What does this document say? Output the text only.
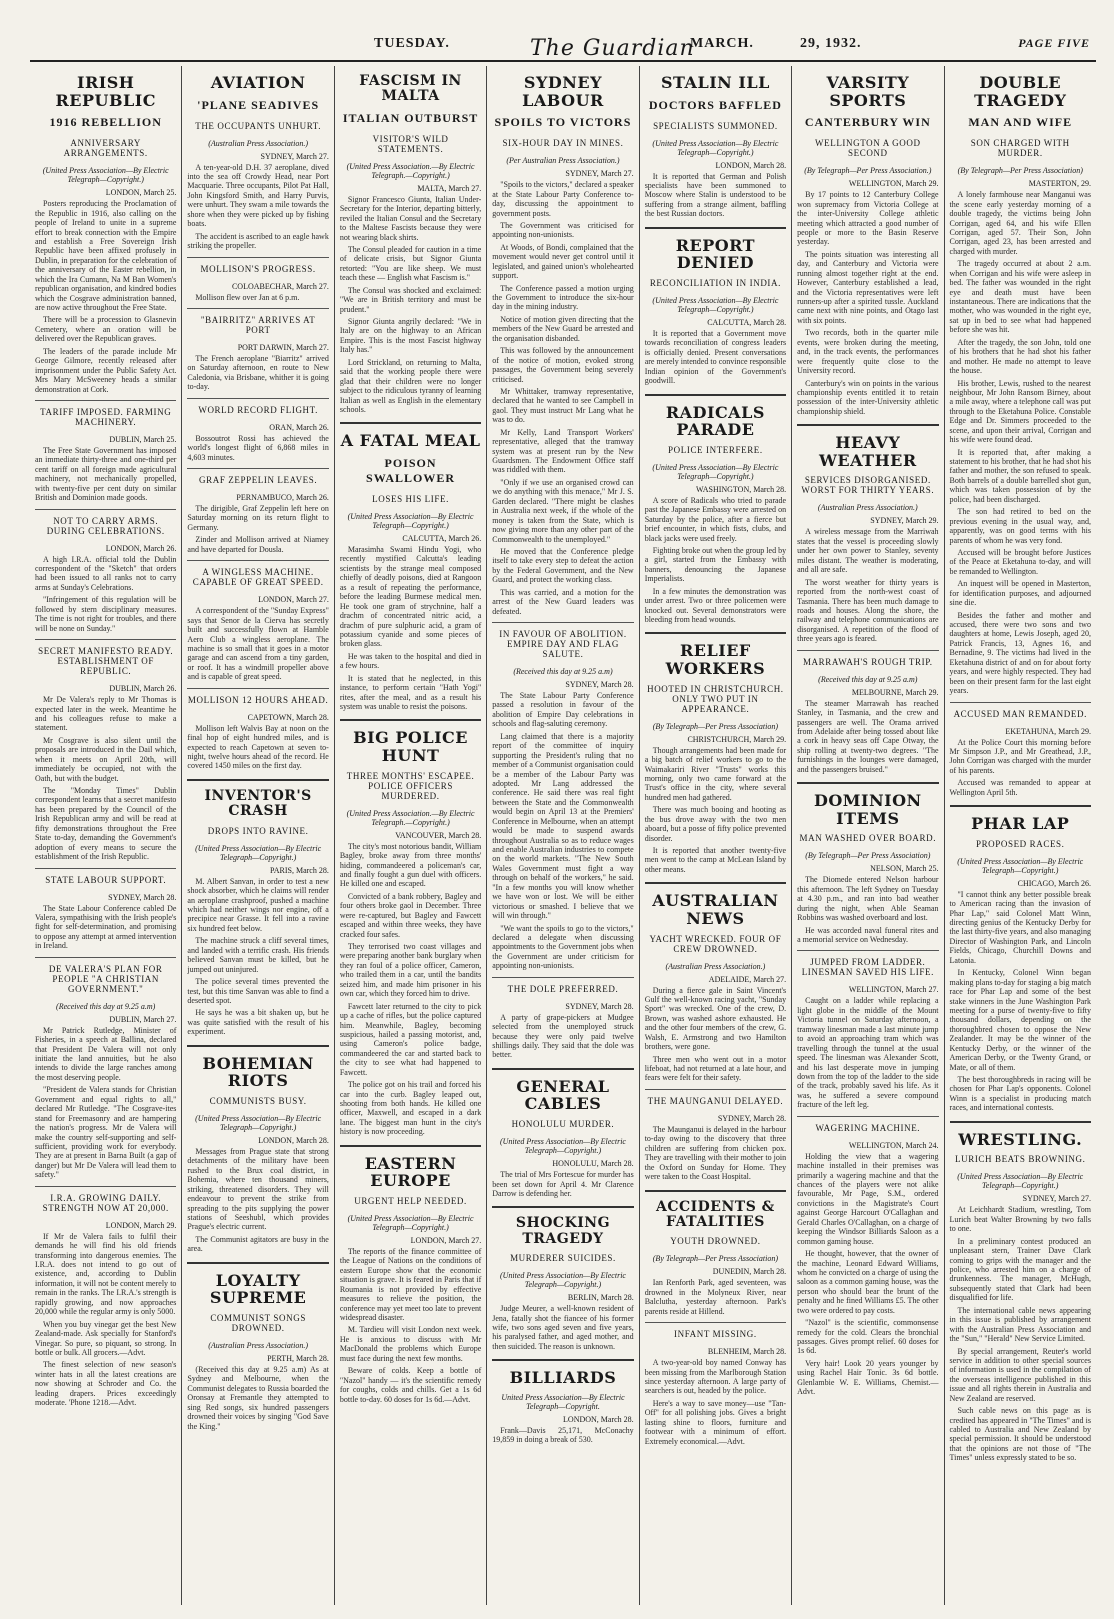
TUESDAY.	The Guardian
MARCH.	29, 1932.	PAGE FIVE
IRISH REPUBLIC
1916 REBELLION
ANNIVERSARY ARRANGEMENTS.
(United Press Association—By Electric Telegraph—Copyright.)
LONDON, March 25.

Posters reproducing the Proclamation of the Republic in 1916, also calling on the people of Ireland to unite in a supreme effort to break connection with the Empire and establish a Free Sovereign Irish Republic have been affixed profusely in Dublin, in preparation for the celebration of the anniversary of the Easter rebellion, in which the Ira Cumann, Na M Ban Women's republican organisation, and kindred bodies which the Cosgrave administration banned, are now active throughout the Free State.

There will be a procession to Glasnevin Cemetery, where an oration will be delivered over the Republican graves.

The leaders of the parade include Mr George Gilmore, recently released after imprisonment under the Public Safety Act. Mrs Mary McSweeney heads a similar demonstration at Cork.

TARIFF IMPOSED. FARMING MACHINERY.
DUBLIN, March 25.

The Free State Government has imposed an immediate thirty-three and one-third per cent tariff on all foreign made agricultural machinery, not mechanically propelled, with twenty-five per cent duty on similar British and Dominion made goods.

NOT TO CARRY ARMS. DURING CELEBRATIONS.
LONDON, March 26.

A high I.R.A. official told the Dublin correspondent of the "Sketch" that orders had been issued to all ranks not to carry arms at Sunday's Celebrations.

"Infringement of this regulation will be followed by stern disciplinary measures. The time is not right for troubles, and there will be none on Sunday."

SECRET MANIFESTO READY. ESTABLISHMENT OF REPUBLIC.
DUBLIN, March 26.

Mr De Valera's reply to Mr Thomas is expected later in the week. Meantime he and his colleagues refuse to make a statement.

Mr Cosgrave is also silent until the proposals are introduced in the Dail which, when it meets on April 20th, will immediately be occupied, not with the Oath, but with the budget.

The "Monday Times" Dublin correspondent learns that a secret manifesto has been prepared by the Council of the Irish Republican army and will be read at fifty demonstrations throughout the Free State to-day, demanding the Government's adoption of every means to secure the establishment of the Irish Republic.

STATE LABOUR SUPPORT.
SYDNEY, March 28.

The State Labour Conference cabled De Valera, sympathising with the Irish people's fight for self-determination, and promising to oppose any attempt at armed intervention in Ireland.

DE VALERA'S PLAN FOR PEOPLE "A CHRISTIAN GOVERNMENT."
(Received this day at 9.25 a.m)
DUBLIN, March 27.

Mr Patrick Rutledge, Minister of Fisheries, in a speech at Ballina, declared that President De Valera will not only initiate the land annuities, but he also intends to divide the large ranches among the most deserving people.

"President de Valera stands for Christian Government and equal rights to all," declared Mr Rutledge. "The Cosgrave-ites stand for Freemasonry and are hampering the nation's progress. Mr de Valera will make the country self-supporting and self-sufficient, providing work for everybody. They are at present in Barna Built (a gap of danger) but Mr De Valera will lead them to safety."

I.R.A. GROWING DAILY. STRENGTH NOW AT 20,000.
LONDON, March 29.

If Mr de Valera fails to fulfil their demands he will find his old friends transforming into dangerous enemies. The I.R.A. does not intend to go out of existence, and, according to Dublin information, it will not be content merely to remain in the ranks. The I.R.A.'s strength is rapidly growing, and now approaches 20,000 while the regular army is only 5000.

When you buy vinegar get the best New Zealand-made. Ask specially for Stanford's Vinegar. So pure, so piquant, so strong. In bottle or bulk. All grocers.—Advt.

The finest selection of new season's winter hats in all the latest creations are now showing at Schroder and Co. the leading drapers. Prices exceedingly moderate. 'Phone 1218.—Advt.

AVIATION
'PLANE SEADIVES
THE OCCUPANTS UNHURT.
(Australian Press Association.)
SYDNEY, March 27.

A ten-year-old D.H. 37 aeroplane, dived into the sea off Crowdy Head, near Port Macquarie. Three occupants, Pilot Pat Hall, John Kingsford Smith, and Harry Purvis, were unhurt. They swam a mile towards the shore when they were picked up by fishing boats.

The accident is ascribed to an eagle hawk striking the propeller.

MOLLISON'S PROGRESS.
COLOABECHAR, March 27.

Mollison flew over Jan at 6 p.m.

"BAIRRITZ" ARRIVES AT PORT
PORT DARWIN, March 27.

The French aeroplane "Biarritz" arrived on Saturday afternoon, en route to New Caledonia, via Brisbane, whither it is going to-day.

WORLD RECORD FLIGHT.
ORAN, March 26.

Bossoutrot Rossi has achieved the world's longest flight of 6,868 miles in 4,603 minutes.

GRAF ZEPPELIN LEAVES.
PERNAMBUCO, March 26.

The dirigible, Graf Zeppelin left here on Saturday morning on its return flight to Germany.

Zinder and Mollison arrived at Niamey and have departed for Dousla.

A WINGLESS MACHINE. CAPABLE OF GREAT SPEED.
LONDON, March 27.

A correspondent of the "Sunday Express" says that Senor de la Cierva has secretly built and successfully flown at Hamble Aero Club a wingless aeroplane. The machine is so small that it goes in a motor garage and can ascend from a tiny garden, or roof. It has a windmill propeller above and is capable of great speed.

MOLLISON 12 HOURS AHEAD.
CAPETOWN, March 28.

Mollison left Walvis Bay at noon on the final hop of eight hundred miles, and is expected to reach Capetown at seven to-night, twelve hours ahead of the record. He covered 1450 miles on the first day.

INVENTOR'S CRASH
DROPS INTO RAVINE.
(United Press Association—By Electric Telegraph—Copyright.)
PARIS, March 28.

M. Albert Sanvan, in order to test a new shock absorber, which he claims will render an aeroplane crashproof, pushed a machine which had neither wings nor engine, off a precipice near Grasse. It fell into a ravine six hundred feet below.

The machine struck a cliff several times, and landed with a terrific crash. His friends believed Sanvan must be killed, but he jumped out uninjured.

The police several times prevented the test, but this time Sanvan was able to find a deserted spot.

He says he was a bit shaken up, but he was quite satisfied with the result of his experiment.

BOHEMIAN RIOTS
COMMUNISTS BUSY.
(United Press Association—By Electric Telegraph—Copyright.)
LONDON, March 28.

Messages from Prague state that strong detachments of the military have been rushed to the Brux coal district, in Bohemia, where ten thousand miners, striking, threatened disorders. They will endeavour to prevent the strike from spreading to the pits supplying the power stations of Seeshubl, which provides Prague's electric current.

The Communist agitators are busy in the area.

LOYALTY SUPREME
COMMUNIST SONGS DROWNED.
(Australian Press Association.)
PERTH, March 28.

(Received this day at 9.25 a.m) As at Sydney and Melbourne, when the Communist delegates to Russia boarded the Oronsay at Fremantle they attempted to sing Red songs, six hundred passengers drowned their voices by singing "God Save the King."

FASCISM IN MALTA
ITALIAN OUTBURST
VISITOR'S WILD STATEMENTS.
(United Press Association.—By Electric Telegraph.—Copyright.)
MALTA, March 27.

Signor Francesco Giunta, Italian Under-Secretary for the Interior, departing bitterly, reviled the Italian Consul and the Secretary to the Maltese Fascists because they were not wearing black shirts.

The Consul pleaded for caution in a time of delicate crisis, but Signor Giunta retorted: "You are like sheep. We must teach these — English what Fascism is."

The Consul was shocked and exclaimed: "We are in British territory and must be prudent."

Signor Giunta angrily declared: "We in Italy are on the highway to an African Empire. This is the most Fascist highway Italy has."

Lord Strickland, on returning to Malta, said that the working people there were glad that their children were no longer subject to the ridiculous tyranny of learning Italian as well as English in the elementary schools.

A FATAL MEAL
POISON SWALLOWER
LOSES HIS LIFE.
(United Press Association—By Electric Telegraph—Copyright.)
CALCUTTA, March 26.

Marasimha Swami Hindu Yogi, who recently mystified Calcutta's leading scientists by the strange meal composed chiefly of deadly poisons, died at Rangoon as a result of repeating the performance, before the leading Burmese medical men. He took one gram of strychnine, half a drachm of concentrated nitric acid, a drachm of pure sulphuric acid, a gram of potassium cyanide and some pieces of broken glass.

He was taken to the hospital and died in a few hours.

It is stated that he neglected, in this instance, to perform certain "Hath Yogi" rites, after the meal, and as a result his system was unable to resist the poisons.

BIG POLICE HUNT
THREE MONTHS' ESCAPEE. POLICE OFFICERS MURDERED.
(United Press Association.—By Electric Telegraph.—Copyright.)
VANCOUVER, March 28.

The city's most notorious bandit, William Bagley, broke away from three months' hiding, commandeered a policeman's car, and finally fought a gun duel with officers. He killed one and escaped.

Convicted of a bank robbery, Bagley and four others broke gaol in December. Three were re-captured, but Bagley and Fawcett escaped and within three weeks, they have cracked four safes.

They terrorised two coast villages and were preparing another bank burglary when they ran foul of a police officer, Cameron, who trailed them in a car, until the bandits seized him, and made him prisoner in his own car, which they forced him to drive.

Fawcett later returned to the city to pick up a cache of rifles, but the police captured him. Meanwhile, Bagley, becoming suspicious, hailed a passing motorist, and, using Cameron's police badge, commandeered the car and started back to the city to see what had happened to Fawcett.

The police got on his trail and forced his car into the curb. Bagley leaped out, shooting from both hands. He killed one officer, Maxwell, and escaped in a dark lane. The biggest man hunt in the city's history is now proceeding.

EASTERN EUROPE
URGENT HELP NEEDED.
(United Press Association—By Electric Telegraph—Copyright.)
LONDON, March 27.

The reports of the finance committee of the League of Nations on the conditions of eastern Europe show that the economic situation is grave. It is feared in Paris that if Roumania is not provided by effective measures to relieve the position, the conference may yet meet too late to prevent widespread disaster.

M. Tardieu will visit London next week. He is anxious to discuss with Mr MacDonald the problems which Europe must face during the next few months.

Beware of colds. Keep a bottle of "Nazol" handy — it's the scientific remedy for coughs, colds and chills. Get a 1s 6d bottle to-day. 60 doses for 1s 6d.—Advt.

SYDNEY LABOUR
SPOILS TO VICTORS
SIX-HOUR DAY IN MINES.
(Per Australian Press Association.)
SYDNEY, March 27.

"Spoils to the victors," declared a speaker at the State Labour Party Conference to-day, discussing the appointment to government posts.

The Government was criticised for appointing non-unionists.

At Woods, of Bondi, complained that the movement would never get control until it legislated, and gained union's wholehearted support.

The Conference passed a motion urging the Government to introduce the six-hour day in the mining industry.

Notice of motion given directing that the members of the New Guard be arrested and the organisation disbanded.

This was followed by the announcement of the notice of motion, evoked strong passages, the Government being severely criticised.

Mr Whittaker, tramway representative, declared that he wanted to see Campbell in gaol. They must instruct Mr Lang what he was to do.

Mr Kelly, Land Transport Workers' representative, alleged that the tramway system was at present run by the New Guardsmen. The Endowment Office staff was riddled with them.

"Only if we use an organised crowd can we do anything with this menace," Mr J. S. Garden declared. "There might be clashes in Australia next week, if the whole of the money is taken from the State, which is now giving more than any other part of the Commonwealth to the unemployed."

He moved that the Conference pledge itself to take every step to defeat the action by the Federal Government, and the New Guard, and protect the working class.

This was carried, and a motion for the arrest of the New Guard leaders was defeated.

IN FAVOUR OF ABOLITION. EMPIRE DAY AND FLAG SALUTE.
(Received this day at 9.25 a.m)
SYDNEY, March 28.

The State Labour Party Conference passed a resolution in favour of the abolition of Empire Day celebrations in schools and flag-saluting ceremony.

Lang claimed that there is a majority report of the committee of inquiry supporting the President's ruling that no member of a Communist organisation could be a member of the Labour Party was adopted. Mr Lang addressed the conference. He said there was real fight between the State and the Commonwealth would begin on April 13 at the Premiers' Conference in Melbourne, when an attempt would be made to suspend awards throughout Australia so as to reduce wages and enable Australian industries to compete on the world markets. "The New South Wales Government must fight a way through on behalf of the workers," he said. "In a few months you will know whether we have won or lost. We will be either victorious or smashed. I believe that we will win through."

"We want the spoils to go to the victors," declared a delegate when discussing appointments to the Government jobs when the Government are under criticism for appointing non-unionists.

THE DOLE PREFERRED.
SYDNEY, March 28.

A party of grape-pickers at Mudgee selected from the unemployed struck because they were only paid twelve shillings daily. They said that the dole was better.

GENERAL CABLES
HONOLULU MURDER.
(United Press Association—By Electric Telegraph—Copyright.)
HONOLULU, March 28.

The trial of Mrs Fortescue for murder has been set down for April 4. Mr Clarence Darrow is defending her.

SHOCKING TRAGEDY
MURDERER SUICIDES.
(United Press Association—By Electric Telegraph—Copyright.)
BERLIN, March 28.

Judge Meurer, a well-known resident of Jena, fatally shot the fiancee of his former wife, two sons aged seven and five years, his paralysed father, and aged mother, and then suicided. The reason is unknown.

BILLIARDS
United Press Association—By Electric Telegraph—Copyright.
LONDON, March 28.

Frank—Davis 25,171, McConachy 19,859 in doing a break of 530.

STALIN ILL
DOCTORS BAFFLED
SPECIALISTS SUMMONED.
(United Press Association—By Electric Telegraph—Copyright.)
LONDON, March 28.

It is reported that German and Polish specialists have been summoned to Moscow where Stalin is understood to be suffering from a strange ailment, baffling the best Russian doctors.

REPORT DENIED
RECONCILIATION IN INDIA.
(United Press Association—By Electric Telegraph—Copyright.)
CALCUTTA, March 28.

It is reported that a Government move towards reconciliation of congress leaders is officially denied. Present conversations are merely intended to convince responsible Indian opinion of the Government's goodwill.

RADICALS PARADE
POLICE INTERFERE.
(United Press Association—By Electric Telegraph—Copyright.)
WASHINGTON, March 28.

A score of Radicals who tried to parade past the Japanese Embassy were arrested on Saturday by the police, after a fierce but brief encounter, in which fists, clubs, and black jacks were used freely.

Fighting broke out when the group led by a girl, started from the Embassy with banners, denouncing the Japanese Imperialists.

In a few minutes the demonstration was under arrest. Two or three policemen were knocked out. Several demonstrators were bleeding from head wounds.

RELIEF WORKERS
HOOTED IN CHRISTCHURCH. ONLY TWO PUT IN APPEARANCE.
(By Telegraph—Per Press Association)
CHRISTCHURCH, March 29.

Though arrangements had been made for a big batch of relief workers to go to the Waimakariri River "Trusts" works this morning, only two came forward at the Trust's office in the city, where several hundred men had gathered.

There was much booing and hooting as the bus drove away with the two men aboard, but a posse of fifty police prevented disorder.

It is reported that another twenty-five men went to the camp at McLean Island by other means.

AUSTRALIAN NEWS
YACHT WRECKED. FOUR OF CREW DROWNED.
(Australian Press Association.)
ADELAIDE, March 27.

During a fierce gale in Saint Vincent's Gulf the well-known racing yacht, "Sunday Sport" was wrecked. One of the crew, D. Brown, was washed ashore exhausted. He and the other four members of the crew, G. Walsh, E. Armstrong and two Hamilton brothers, were gone.

Three men who went out in a motor lifeboat, had not returned at a late hour, and fears were felt for their safety.

THE MAUNGANUI DELAYED.
SYDNEY, March 28.

The Maunganui is delayed in the harbour to-day owing to the discovery that three children are suffering from chicken pox. They are travelling with their mother to join the Oxford on Sunday for Home. They were taken to the Coast Hospital.

ACCIDENTS & FATALITIES
YOUTH DROWNED.
(By Telegraph—Per Press Association)
DUNEDIN, March 28.

Ian Renforth Park, aged seventeen, was drowned in the Molyneux River, near Balclutha, yesterday afternoon. Park's parents reside at Hillend.

INFANT MISSING.
BLENHEIM, March 28.

A two-year-old boy named Conway has been missing from the Marlborough Station since yesterday afternoon. A large party of searchers is out, headed by the police.

Here's a way to save money—use "Tan-Off" for all polishing jobs. Gives a bright lasting shine to floors, furniture and footwear with a minimum of effort. Extremely economical.—Advt.

VARSITY SPORTS
CANTERBURY WIN
WELLINGTON A GOOD SECOND
(By Telegraph—Per Press Association.)
WELLINGTON, March 29.

By 17 points to 12 Canterbury College won supremacy from Victoria College at the inter-University College athletic meeting which attracted a good number of people or more to the Basin Reserve yesterday.

The points situation was interesting all day, and Canterbury and Victoria were running almost together right at the end. However, Canterbury established a lead, and the Victoria representatives were left runners-up after a spirited tussle. Auckland came next with nine points, and Otago last with six points.

Two records, both in the quarter mile events, were broken during the meeting, and, in the track events, the performances were frequently quite close to the University record.

Canterbury's win on points in the various championship events entitled it to retain possession of the inter-University athletic championship shield.

HEAVY WEATHER
SERVICES DISORGANISED. WORST FOR THIRTY YEARS.
(Australian Press Association.)
SYDNEY, March 29.

A wireless message from the Marriwah states that the vessel is proceeding slowly under her own power to Stanley, seventy miles distant. The weather is moderating, and all are safe.

The worst weather for thirty years is reported from the north-west coast of Tasmania. There has been much damage to roads and houses. Along the shore, the railway and telephone communications are disorganised. A repetition of the flood of three years ago is feared.

MARRAWAH'S ROUGH TRIP.
(Received this day at 9.25 a.m)
MELBOURNE, March 29.

The steamer Marrawah has reached Stanley, in Tasmania, and the crew and passengers are well. The Orama arrived from Adelaide after being tossed about like a cork in heavy seas off Cape Otway, the ship rolling at twenty-two degrees. "The furnishings in the lounges were damaged, and the passengers bruised."

DOMINION ITEMS
MAN WASHED OVER BOARD.
(By Telegraph—Per Press Association)
NELSON, March 25.

The Diomede entered Nelson harbour this afternoon. The left Sydney on Tuesday at 4.30 p.m., and ran into bad weather during the night, when Able Seaman Robbins was washed overboard and lost.

He was accorded naval funeral rites and a memorial service on Wednesday.

JUMPED FROM LADDER. LINESMAN SAVED HIS LIFE.
WELLINGTON, March 27.

Caught on a ladder while replacing a light globe in the middle of the Mount Victoria tunnel on Saturday afternoon, a tramway linesman made a last minute jump to avoid an approaching tram which was travelling through the tunnel at the usual speed. The linesman was Alexander Scott, and his last desperate move in jumping down from the top of the ladder to the side of the track, probably saved his life. As it was, he suffered a severe compound fracture of the left leg.

WAGERING MACHINE.
WELLINGTON, March 24.

Holding the view that a wagering machine installed in their premises was primarily a wagering machine and that the chances of the players were not alike favourable, Mr Page, S.M., ordered convictions in the Magistrate's Court against George Harcourt O'Callaghan and Gerald Charles O'Callaghan, on a charge of keeping the Windsor Billiards Saloon as a common gaming house.

He thought, however, that the owner of the machine, Leonard Edward Williams, whom he convicted on a charge of using the saloon as a common gaming house, was the person who should bear the brunt of the penalty and he fined Williams £5. The other two were ordered to pay costs.

"Nazol" is the scientific, commonsense remedy for the cold. Clears the bronchial passages. Gives prompt relief. 60 doses for 1s 6d.

Very hair! Look 20 years younger by using Rachel Hair Tonic. 3s 6d bottle. Glenlambie W. E. Williams, Chemist.—Advt.

DOUBLE TRAGEDY
MAN AND WIFE
SON CHARGED WITH MURDER.
(By Telegraph—Per Press Association)
MASTERTON, 29.

A lonely farmhouse near Manganui was the scene early yesterday morning of a double tragedy, the victims being John Corrigan, aged 64, and his wife Ellen Corrigan, aged 57. Their Son, John Corrigan, aged 23, has been arrested and charged with murder.

The tragedy occurred at about 2 a.m. when Corrigan and his wife were asleep in bed. The father was wounded in the right eye and death must have been instantaneous. There are indications that the mother, who was wounded in the right eye, sat up in bed to see what had happened before she was hit.

After the tragedy, the son John, told one of his brothers that he had shot his father and mother. He made no attempt to leave the house.

His brother, Lewis, rushed to the nearest neighbour, Mr John Ransom Birney, about a mile away, where a telephone call was put through to the Eketahuna Police. Constable Edge and Dr. Simmers proceeded to the scene, and upon their arrival, Corrigan and his wife were found dead.

It is reported that, after making a statement to his brother, that he had shot his father and mother, the son refused to speak. Both barrels of a double barrelled shot gun, which was taken possession of by the police, had been discharged.

The son had retired to bed on the previous evening in the usual way, and, apparently, was on good terms with his parents of whom he was very fond.

Accused will be brought before Justices of the Peace at Eketahuna to-day, and will be remanded to Wellington.

An inquest will be opened in Masterton, for identification purposes, and adjourned sine die.

Besides the father and mother and accused, there were two sons and two daughters at home, Lewis Joseph, aged 20, Patrick Francis, 13, Agnes 16, and Bernadine, 9. The victims had lived in the Eketahuna district of and on for about forty years, and were highly respected. They had been on their present farm for the last eight years.

ACCUSED MAN REMANDED.
EKETAHUNA, March 29.

At the Police Court this morning before Mr Simpson J.P., and Mr Greathead, J.P., John Corrigan was charged with the murder of his parents.

Accused was remanded to appear at Wellington April 5th.

PHAR LAP
PROPOSED RACES.
(United Press Association—By Electric Telegraph—Copyright.)
CHICAGO, March 26.

"I cannot think any better possible break to American racing than the invasion of Phar Lap," said Colonel Matt Winn, directing genius of the Kentucky Derby for the last thirty-five years, and also managing Director of Washington Park, and Lincoln Fields, Chicago, Churchill Downs and Latonia.

In Kentucky, Colonel Winn began making plans to-day for staging a big match race for Phar Lap and some of the best stake winners in the June Washington Park meeting for a purse of twenty-five to fifty thousand dollars, depending on the thoroughbred chosen to oppose the New Zealander. It may be the winner of the Kentucky Derby, or the winner of the American Derby, or the Twenty Grand, or Mate, or all of them.

The best thoroughbreds in racing will be chosen for Phar Lap's opponents. Colonel Winn is a specialist in producing match races, and international contests.

WRESTLING.
LURICH BEATS BROWNING.
(United Press Association—By Electric Telegraph—Copyright.)
SYDNEY, March 27.

At Leichhardt Stadium, wrestling, Tom Lurich beat Walter Browning by two falls to one.

In a preliminary contest produced an unpleasant stern, Trainer Dave Clark coming to grips with the manager and the police, who arrested him on a charge of drunkenness. The manager, McHugh, subsequently stated that Clark had been disqualified for life.

The international cable news appearing in this issue is published by arrangement with the Australian Press Association and the "Sun," "Herald" New Service Limited.

By special arrangement, Reuter's world service in addition to other special sources of information is used in the compilation of the overseas intelligence published in this issue and all rights therein in Australia and New Zealand are reserved.

Such cable news on this page as is credited has appeared in "The Times" and is cabled to Australia and New Zealand by special permission. It should be understood that the opinions are not those of "The Times" unless expressly stated to be so.
